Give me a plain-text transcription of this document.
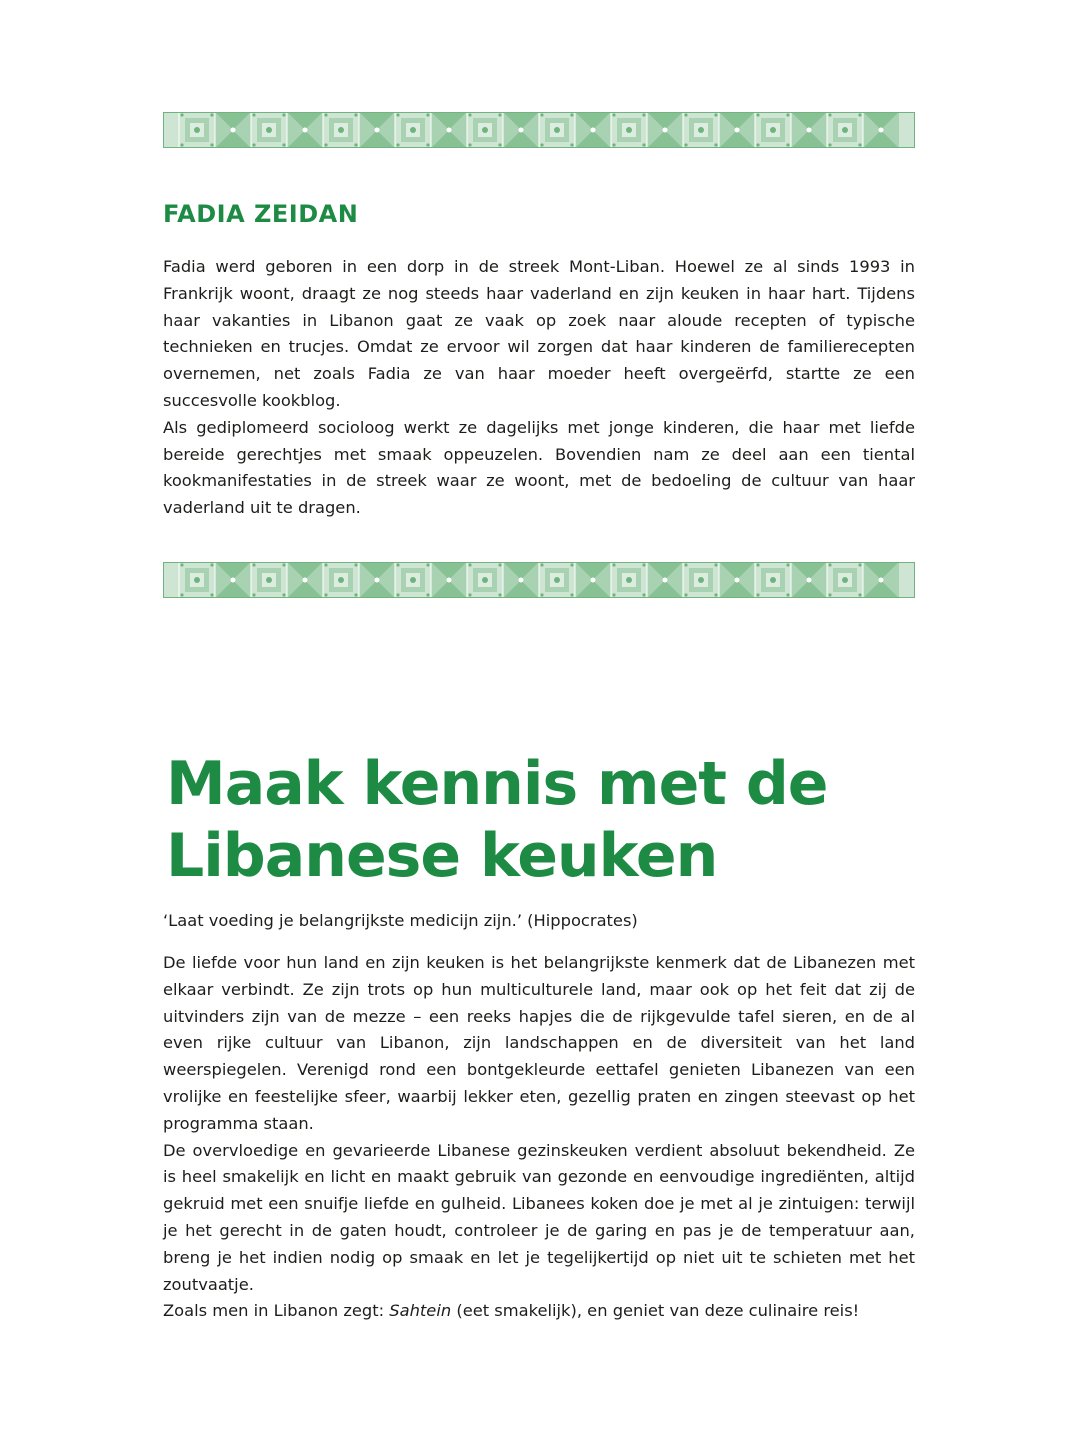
FADIA ZEIDAN

Fadia werd geboren in een dorp in de streek Mont-Liban. Hoewel ze al sinds 1993 in Frankrijk woont, draagt ze nog steeds haar vaderland en zijn keuken in haar hart. Tijdens haar vakanties in Libanon gaat ze vaak op zoek naar aloude recepten of typische technieken en trucjes. Omdat ze ervoor wil zorgen dat haar kinderen de familierecepten overnemen, net zoals Fadia ze van haar moeder heeft overgeërfd, startte ze een succesvolle kookblog.

Als gediplomeerd socioloog werkt ze dagelijks met jonge kinderen, die haar met liefde bereide gerechtjes met smaak oppeuzelen. Bovendien nam ze deel aan een tiental kookmanifestaties in de streek waar ze woont, met de bedoeling de cultuur van haar vaderland uit te dragen.

Maak kennis met de
Libanese keuken

‘Laat voeding je belangrijkste medicijn zijn.’ (Hippocrates)

De liefde voor hun land en zijn keuken is het belangrijkste kenmerk dat de Libanezen met elkaar verbindt. Ze zijn trots op hun multiculturele land, maar ook op het feit dat zij de uitvinders zijn van de mezze – een reeks hapjes die de rijkgevulde tafel sieren, en de al even rijke cultuur van Libanon, zijn landschappen en de diversiteit van het land weerspiegelen. Verenigd rond een bontgekleurde eettafel genieten Libanezen van een vrolijke en feestelijke sfeer, waarbij lekker eten, gezellig praten en zingen steevast op het programma staan.

De overvloedige en gevarieerde Libanese gezinskeuken verdient absoluut bekendheid. Ze is heel smakelijk en licht en maakt gebruik van gezonde en eenvoudige ingrediënten, altijd gekruid met een snuifje liefde en gulheid. Libanees koken doe je met al je zintuigen: terwijl je het gerecht in de gaten houdt, controleer je de garing en pas je de temperatuur aan, breng je het indien nodig op smaak en let je tegelijkertijd op niet uit te schieten met het zoutvaatje.

Zoals men in Libanon zegt: Sahtein (eet smakelijk), en geniet van deze culinaire reis!
